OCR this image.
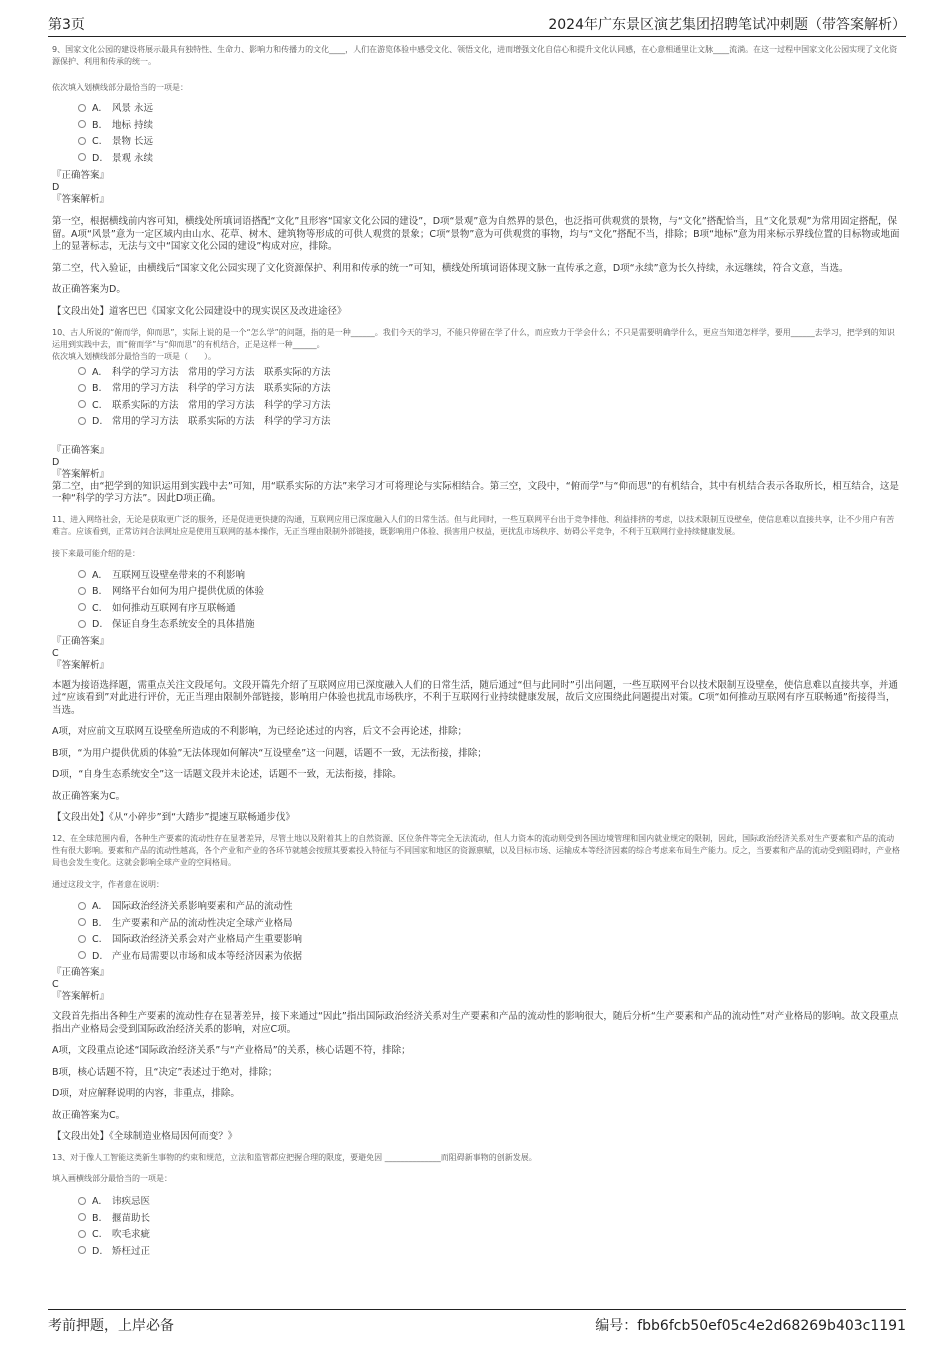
第3页	2024年广东景区演艺集团招聘笔试冲刺题（带答案解析）

9、国家文化公园的建设将展示最具有独特性、生命力、影响力和传播力的文化____，人们在游览体验中感受文化、领悟文化，进而增强文化自信心和提升文化认同感，在心意相通里让文脉____流淌。在这一过程中国家文化公园实现了文化资源保护、利用和传承的统一。

依次填入划横线部分最恰当的一项是：

A. 风景 永远
B. 地标 持续
C. 景物 长远
D. 景观 永续
『正确答案』
D
『答案解析』

第一空，根据横线前内容可知，横线处所填词语搭配“文化”且形容“国家文化公园的建设”，D项“景观”意为自然界的景色，也泛指可供观赏的景物，与“文化”搭配恰当，且“文化景观”为常用固定搭配，保留。A项“风景”意为一定区域内由山水、花草、树木、建筑物等形成的可供人观赏的景象；C项“景物”意为可供观赏的事物，均与“文化”搭配不当，排除；B项“地标”意为用来标示界线位置的目标物或地面上的显著标志，无法与文中“国家文化公园的建设”构成对应，排除。

第二空，代入验证，由横线后“国家文化公园实现了文化资源保护、利用和传承的统一”可知，横线处所填词语体现文脉一直传承之意，D项“永续”意为长久持续，永远继续，符合文意，当选。

故正确答案为D。

【文段出处】道客巴巴《国家文化公园建设中的现实误区及改进途径》

10、古人所说的“俯而学，仰而思”，实际上说的是一个“怎么学”的问题，指的是一种______。我们今天的学习，不能只停留在学了什么，而应致力于学会什么；不只是需要明确学什么，更应当知道怎样学，要用______去学习，把学到的知识运用到实践中去，而“俯而学”与“仰而思”的有机结合，正是这样一种______。

依次填入划横线部分最恰当的一项是（　　）。

A. 科学的学习方法　常用的学习方法　联系实际的方法
B. 常用的学习方法　科学的学习方法　联系实际的方法
C. 联系实际的方法　常用的学习方法　科学的学习方法
D. 常用的学习方法　联系实际的方法　科学的学习方法
『正确答案』
D
『答案解析』

第二空，由“把学到的知识运用到实践中去”可知，用“联系实际的方法”来学习才可将理论与实际相结合。第三空，文段中，“俯而学”与“仰而思”的有机结合，其中有机结合表示各取所长，相互结合，这是一种“科学的学习方法”。因此D项正确。

11、进入网络社会，无论是获取更广泛的服务，还是促进更快捷的沟通，互联网应用已深度融入人们的日常生活。但与此同时，一些互联网平台出于竞争排他、利益排挤的考虑，以技术限制互设壁垒，使信息难以直接共享，让不少用户有苦难言。应该看到，正常访问合法网址应是使用互联网的基本操作，无正当理由限制外部链接，既影响用户体验、损害用户权益，更扰乱市场秩序、妨碍公平竞争，不利于互联网行业持续健康发展。

接下来最可能介绍的是：

A. 互联网互设壁垒带来的不利影响
B. 网络平台如何为用户提供优质的体验
C. 如何推动互联网有序互联畅通
D. 保证自身生态系统安全的具体措施
『正确答案』
C
『答案解析』

本题为接语选择题，需重点关注文段尾句。文段开篇先介绍了互联网应用已深度融入人们的日常生活，随后通过“但与此同时”引出问题，一些互联网平台以技术限制互设壁垒，使信息难以直接共享，并通过“应该看到”对此进行评价，无正当理由限制外部链接，影响用户体验也扰乱市场秩序，不利于互联网行业持续健康发展，故后文应围绕此问题提出对策。C项“如何推动互联网有序互联畅通”衔接得当，当选。

A项，对应前文互联网互设壁垒所造成的不利影响，为已经论述过的内容，后文不会再论述，排除；

B项，“为用户提供优质的体验”无法体现如何解决“互设壁垒”这一问题，话题不一致，无法衔接，排除；

D项，“自身生态系统安全”这一话题文段并未论述，话题不一致，无法衔接，排除。

故正确答案为C。

【文段出处】《从“小碎步”到“大踏步”提速互联畅通步伐》

12、在全球范围内看，各种生产要素的流动性存在显著差异，尽管土地以及附着其上的自然资源、区位条件等完全无法流动，但人力资本的流动则受到各国边境管理和国内就业规定的限制，因此，国际政治经济关系对生产要素和产品的流动性有很大影响。要素和产品的流动性越高，各个产业和产业的各环节就越会按照其要素投入特征与不同国家和地区的资源禀赋，以及目标市场、运输成本等经济因素的综合考虑来布局生产能力。反之，当要素和产品的流动受到阻碍时，产业格局也会发生变化。这就会影响全球产业的空间格局。

通过这段文字，作者意在说明：

A. 国际政治经济关系影响要素和产品的流动性
B. 生产要素和产品的流动性决定全球产业格局
C. 国际政治经济关系会对产业格局产生重要影响
D. 产业布局需要以市场和成本等经济因素为依据
『正确答案』
C
『答案解析』

文段首先指出各种生产要素的流动性存在显著差异，接下来通过“因此”指出国际政治经济关系对生产要素和产品的流动性的影响很大，随后分析“生产要素和产品的流动性”对产业格局的影响。故文段重点指出产业格局会受到国际政治经济关系的影响，对应C项。

A项，文段重点论述“国际政治经济关系”与“产业格局”的关系，核心话题不符，排除；

B项，核心话题不符，且“决定”表述过于绝对，排除；

D项，对应解释说明的内容，非重点，排除。

故正确答案为C。

【文段出处】《全球制造业格局因何而变？》

13、对于像人工智能这类新生事物的约束和规范，立法和监管都应把握合理的限度，要避免因 ______________而阻碍新事物的创新发展。

填入画横线部分最恰当的一项是：

A. 讳疾忌医
B. 揠苗助长
C. 吹毛求疵
D. 矫枉过正
考前押题，上岸必备	编号：fbb6fcb50ef05c4e2d68269b403c1191
